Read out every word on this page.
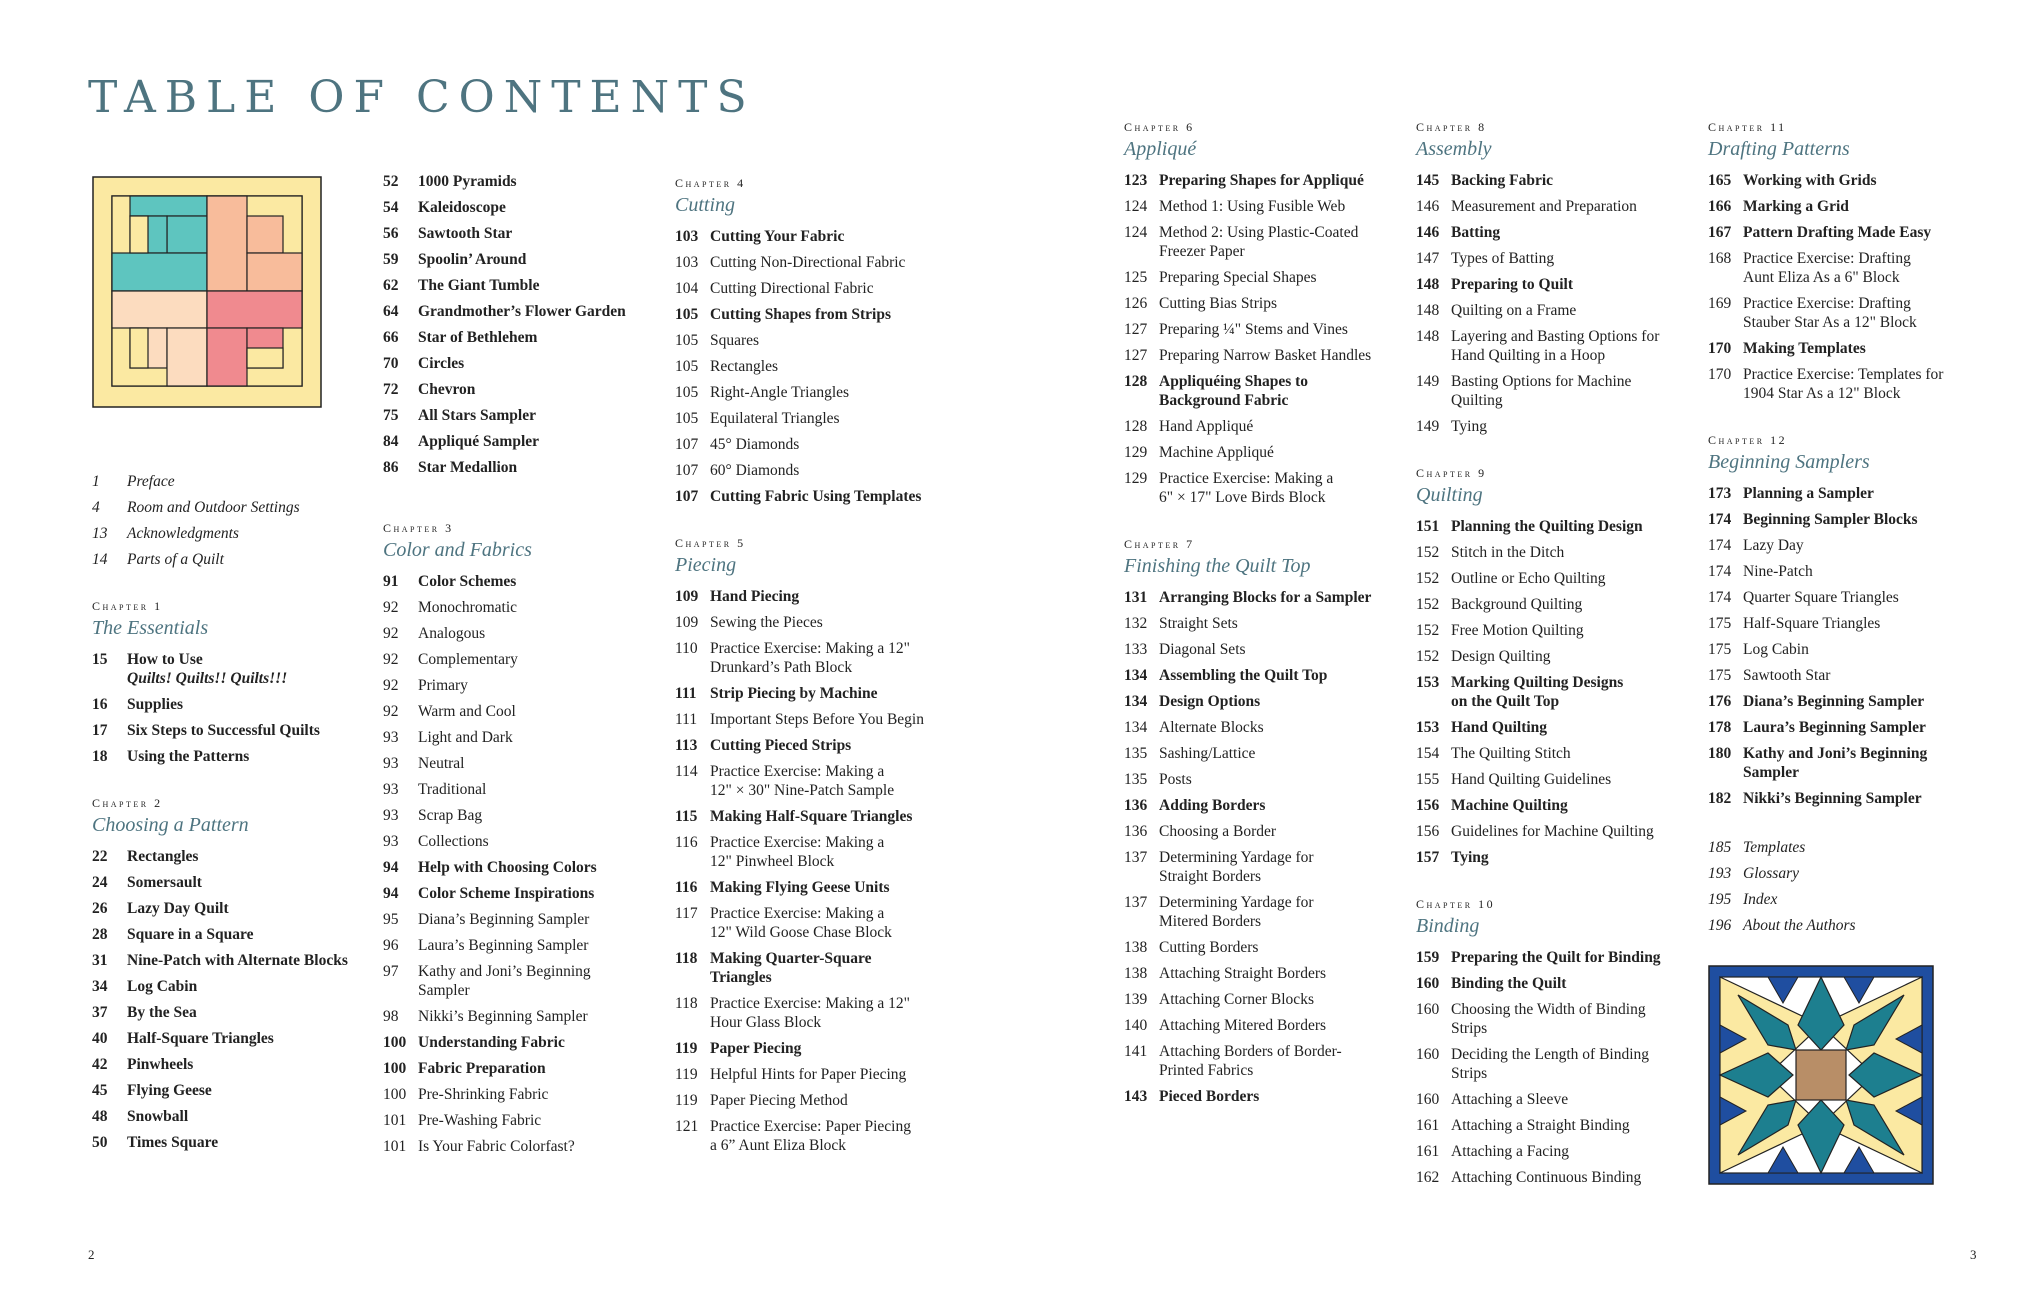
TABLE OF CONTENTS
1	Preface
4	Room and Outdoor Settings
13	Acknowledgments
14	Parts of a Quilt
Chapter 1
The Essentials
15	How to Use
Quilts! Quilts!! Quilts!!!
16	Supplies
17	Six Steps to Successful Quilts
18	Using the Patterns
Chapter 2
Choosing a Pattern
22	Rectangles
24	Somersault
26	Lazy Day Quilt
28	Square in a Square
31	Nine-Patch with Alternate Blocks
34	Log Cabin
37	By the Sea
40	Half-Square Triangles
42	Pinwheels
45	Flying Geese
48	Snowball
50	Times Square
52	1000 Pyramids
54	Kaleidoscope
56	Sawtooth Star
59	Spoolin’ Around
62	The Giant Tumble
64	Grandmother’s Flower Garden
66	Star of Bethlehem
70	Circles
72	Chevron
75	All Stars Sampler
84	Appliqué Sampler
86	Star Medallion
Chapter 3
Color and Fabrics
91	Color Schemes
92	Monochromatic
92	Analogous
92	Complementary
92	Primary
92	Warm and Cool
93	Light and Dark
93	Neutral
93	Traditional
93	Scrap Bag
93	Collections
94	Help with Choosing Colors
94	Color Scheme Inspirations
95	Diana’s Beginning Sampler
96	Laura’s Beginning Sampler
97	Kathy and Joni’s Beginning
Sampler
98	Nikki’s Beginning Sampler
100 Understanding Fabric
100 Fabric Preparation
100 Pre-Shrinking Fabric
101 Pre-Washing Fabric
101 Is Your Fabric Colorfast?
Chapter 4
Cutting
103 Cutting Your Fabric
103 Cutting Non-Directional Fabric
104 Cutting Directional Fabric
105 Cutting Shapes from Strips
105 Squares
105 Rectangles
105 Right-Angle Triangles
105 Equilateral Triangles
107 45° Diamonds
107 60° Diamonds
107 Cutting Fabric Using Templates
Chapter 5
Piecing
109 Hand Piecing
109 Sewing the Pieces
110 Practice Exercise: Making a 12"
Drunkard’s Path Block
111 Strip Piecing by Machine
111 Important Steps Before You Begin
113 Cutting Pieced Strips
114 Practice Exercise: Making a
12" × 30" Nine-Patch Sample
115 Making Half-Square Triangles
116 Practice Exercise: Making a
12" Pinwheel Block
116 Making Flying Geese Units
117 Practice Exercise: Making a
12" Wild Goose Chase Block
118 Making Quarter-Square
Triangles
118 Practice Exercise: Making a 12"
Hour Glass Block
119 Paper Piecing
119 Helpful Hints for Paper Piecing
119 Paper Piecing Method
121 Practice Exercise: Paper Piecing
a 6” Aunt Eliza Block
Chapter 6
Appliqué
123 Preparing Shapes for Appliqué
124 Method 1: Using Fusible Web
124 Method 2: Using Plastic-Coated
Freezer Paper
125 Preparing Special Shapes
126 Cutting Bias Strips
127 Preparing ¼" Stems and Vines
127 Preparing Narrow Basket Handles
128 Appliquéing Shapes to
Background Fabric
128 Hand Appliqué
129 Machine Appliqué
129 Practice Exercise: Making a
6" × 17" Love Birds Block
Chapter 7
Finishing the Quilt Top
131 Arranging Blocks for a Sampler
132 Straight Sets
133 Diagonal Sets
134 Assembling the Quilt Top
134 Design Options
134 Alternate Blocks
135 Sashing/Lattice
135 Posts
136 Adding Borders
136 Choosing a Border
137 Determining Yardage for
Straight Borders
137 Determining Yardage for
Mitered Borders
138 Cutting Borders
138 Attaching Straight Borders
139 Attaching Corner Blocks
140 Attaching Mitered Borders
141 Attaching Borders of Border-
Printed Fabrics
143 Pieced Borders
Chapter 8
Assembly
145 Backing Fabric
146 Measurement and Preparation
146 Batting
147 Types of Batting
148 Preparing to Quilt
148 Quilting on a Frame
148 Layering and Basting Options for
Hand Quilting in a Hoop
149 Basting Options for Machine
Quilting
149 Tying
Chapter 9
Quilting
151 Planning the Quilting Design
152 Stitch in the Ditch
152 Outline or Echo Quilting
152 Background Quilting
152 Free Motion Quilting
152 Design Quilting
153 Marking Quilting Designs
on the Quilt Top
153 Hand Quilting
154 The Quilting Stitch
155 Hand Quilting Guidelines
156 Machine Quilting
156 Guidelines for Machine Quilting
157 Tying
Chapter 10
Binding
159 Preparing the Quilt for Binding
160 Binding the Quilt
160 Choosing the Width of Binding
Strips
160 Deciding the Length of Binding
Strips
160 Attaching a Sleeve
161 Attaching a Straight Binding
161 Attaching a Facing
162 Attaching Continuous Binding
Chapter 11
Drafting Patterns
165 Working with Grids
166 Marking a Grid
167 Pattern Drafting Made Easy
168 Practice Exercise: Drafting
Aunt Eliza As a 6" Block
169 Practice Exercise: Drafting
Stauber Star As a 12" Block
170 Making Templates
170 Practice Exercise: Templates for
1904 Star As a 12" Block
Chapter 12
Beginning Samplers
173 Planning a Sampler
174 Beginning Sampler Blocks
174 Lazy Day
174 Nine-Patch
174 Quarter Square Triangles
175 Half-Square Triangles
175 Log Cabin
175 Sawtooth Star
176 Diana’s Beginning Sampler
178 Laura’s Beginning Sampler
180 Kathy and Joni’s Beginning
Sampler
182 Nikki’s Beginning Sampler
185 Templates
193 Glossary
195 Index
196 About the Authors
2	3
